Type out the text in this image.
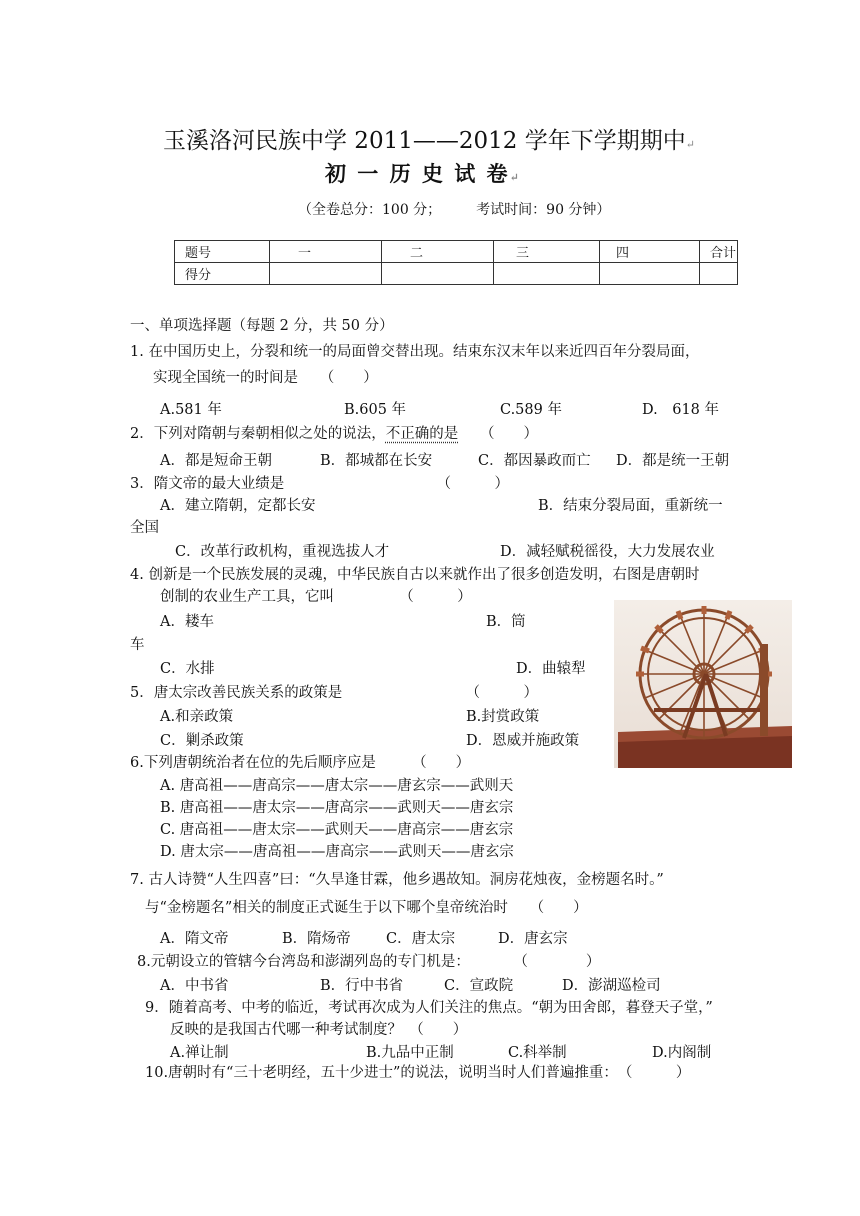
玉溪洛河民族中学 2011——2012 学年下学期期中↵
初 一 历 史 试 卷↵
（全卷总分：100 分；　　　考试时间：90 分钟）
题号	一	二	三	四	合计
得分					
一、单项选择题（每题 2 分，共 50 分）
1. 在中国历史上，分裂和统一的局面曾交替出现。结束东汉末年以来近四百年分裂局面，
实现全国统一的时间是　　（　　）
A.581 年	B.605 年	C.589 年	D.　618 年
2．下列对隋朝与秦朝相似之处的说法，不正确的是　　（　　）
A．都是短命王朝	B．都城都在长安	C．都因暴政而亡 D．都是统一王朝
3．隋文帝的最大业绩是　　　　　　　　　　　（　　　）
A．建立隋朝，定都长安	B．结束分裂局面，重新统一
全国
C．改革行政机构，重视选拔人才	D．减轻赋税徭役，大力发展农业
4. 创新是一个民族发展的灵魂，中华民族自古以来就作出了很多创造发明，右图是唐朝时
创制的农业生产工具，它叫　　　　　（　　　）
A．耧车	B．筒
车
C．水排	D．曲辕犁
5．唐太宗改善民族关系的政策是　　　　　　　　　（　　　）
A.和亲政策	B.封赏政策
C．剿杀政策	D．恩威并施政策
6.下列唐朝统治者在位的先后顺序应是　　　（　　）
A. 唐高祖——唐高宗——唐太宗——唐玄宗——武则天
B. 唐高祖——唐太宗——唐高宗——武则天——唐玄宗
C. 唐高祖——唐太宗——武则天——唐高宗——唐玄宗
D. 唐太宗——唐高祖——唐高宗——武则天——唐玄宗
7. 古人诗赞“人生四喜”曰：“久旱逢甘霖，他乡遇故知。洞房花烛夜，金榜题名时。”
与“金榜题名”相关的制度正式诞生于以下哪个皇帝统治时　　（　　）
A．隋文帝	B．隋炀帝 C．唐太宗	D．唐玄宗
8.元朝设立的管辖今台湾岛和澎湖列岛的专门机是：　　　　（　　　　）
A．中书省	B．行中书省	C．宣政院	D．澎湖巡检司
9．随着高考、中考的临近，考试再次成为人们关注的焦点。“朝为田舍郎，暮登天子堂，”
反映的是我国古代哪一种考试制度？　（　　）
A.禅让制	B.九品中正制	C.科举制	D.内阁制
10.唐朝时有“三十老明经，五十少进士”的说法，说明当时人们普遍推重：　（　　　）
